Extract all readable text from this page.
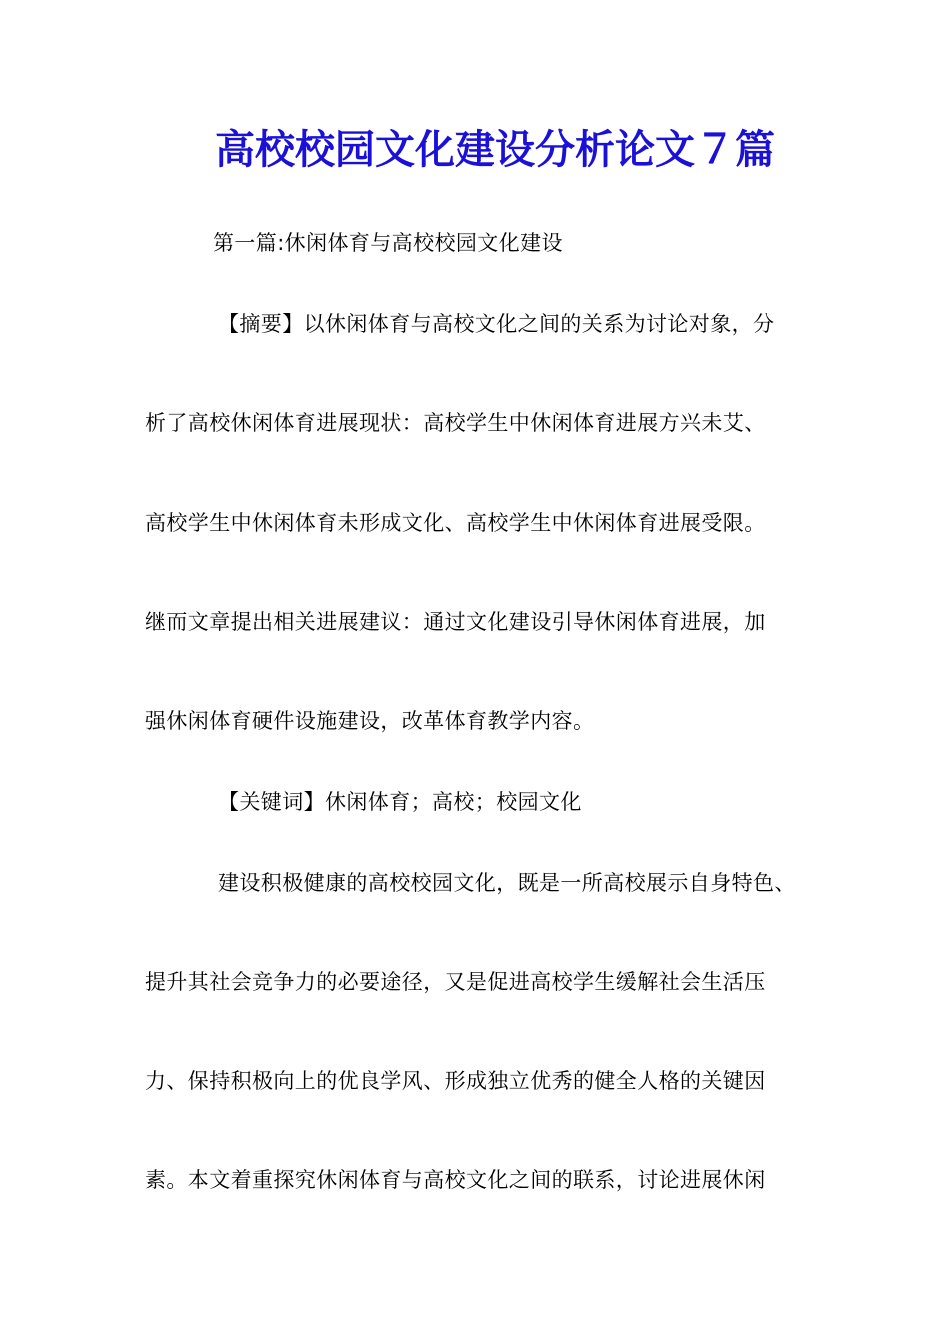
高校校园文化建设分析论文７篇
第一篇:休闲体育与高校校园文化建设
【摘要】以休闲体育与高校文化之间的关系为讨论对象，分
析了高校休闲体育进展现状：高校学生中休闲体育进展方兴未艾、
高校学生中休闲体育未形成文化、高校学生中休闲体育进展受限。
继而文章提出相关进展建议：通过文化建设引导休闲体育进展，加
强休闲体育硬件设施建设，改革体育教学内容。
【关键词】休闲体育；高校；校园文化
建设积极健康的高校校园文化，既是一所高校展示自身特色、
提升其社会竞争力的必要途径，又是促进高校学生缓解社会生活压
力、保持积极向上的优良学风、形成独立优秀的健全人格的关键因
素。本文着重探究休闲体育与高校文化之间的联系，讨论进展休闲
